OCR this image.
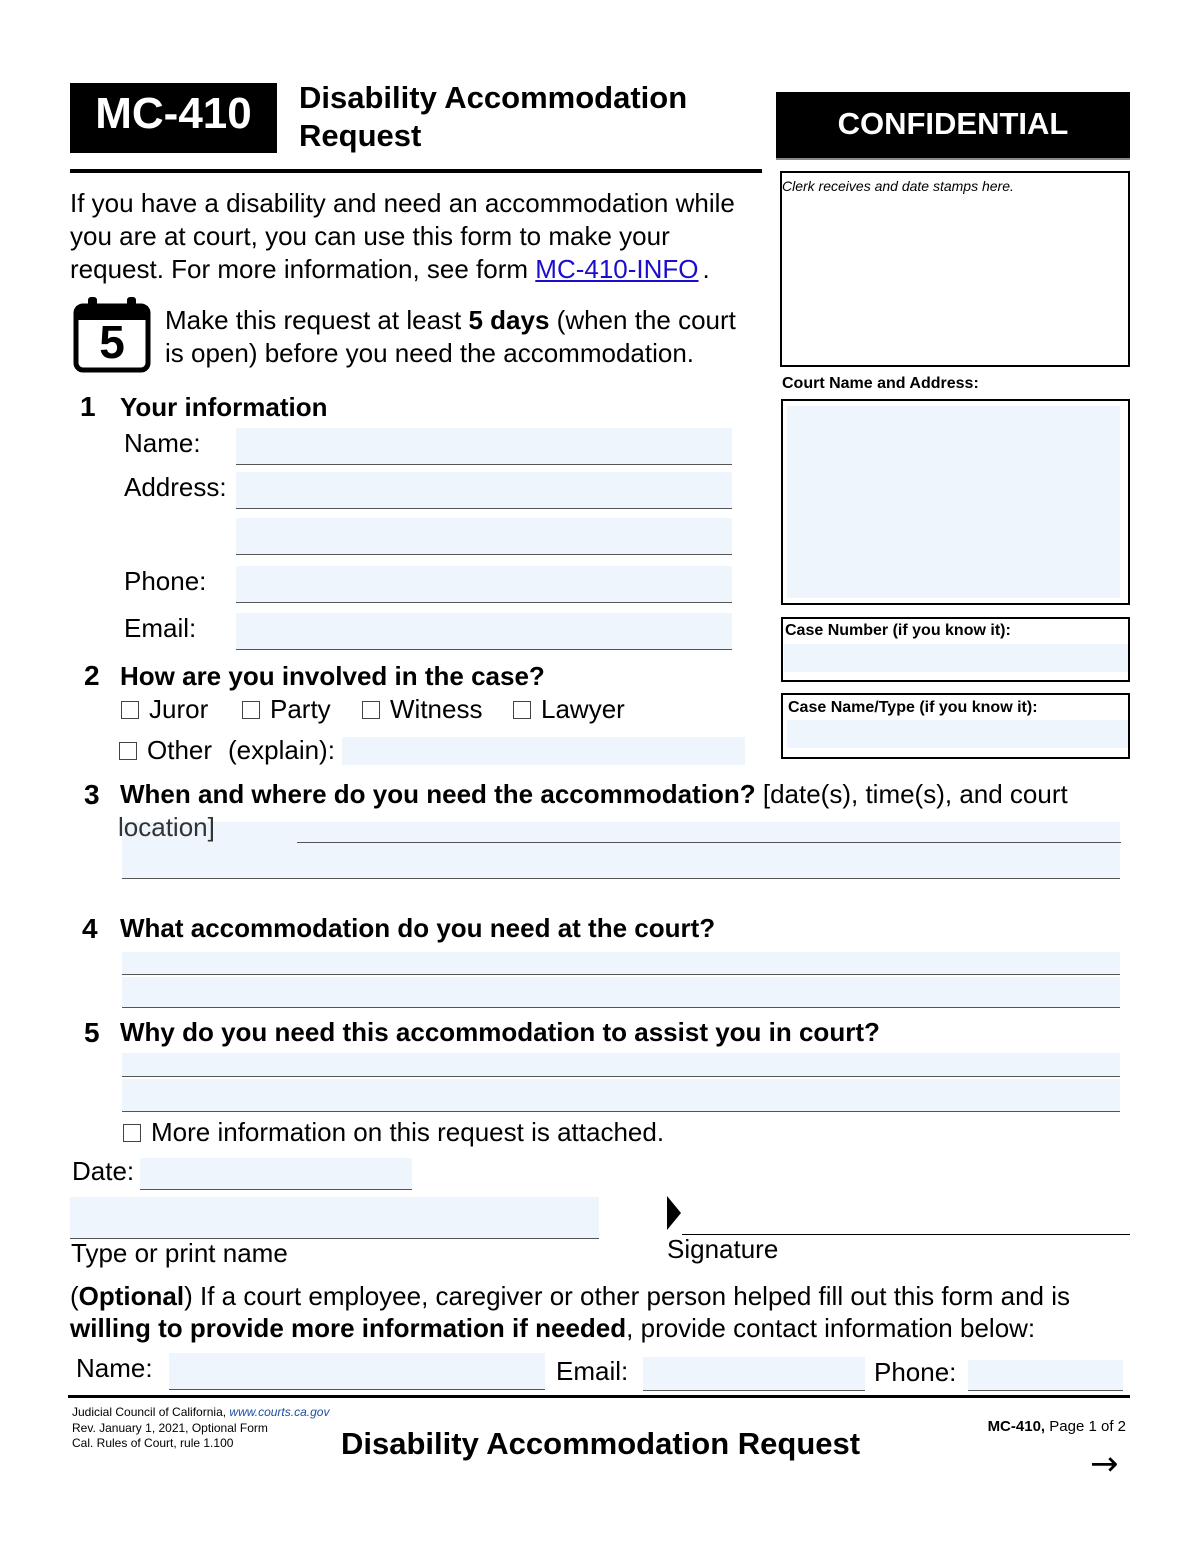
MC-410	Disability Accommodation
Request	CONFIDENTIAL
Clerk receives and date stamps here.
Court Name and Address:
Case Number (if you know it):
Case Name/Type (if you know it):
If you have a disability and need an accommodation while
you are at court, you can use this form to make your
request. For more information, see form MC-410-INFO .
5	Make this request at least 5 days (when the court
is open) before you need the accommodation.
1 Your information
Name:
Address:
Phone:
Email:
2 How are you involved in the case?
Juror Party Witness Lawyer
Other (explain):
3 When and where do you need the accommodation? [date(s), time(s), and court
location]
4 What accommodation do you need at the court?
5 Why do you need this accommodation to assist you in court?
More information on this request is attached.
Date:
Type or print name	Signature
(Optional) If a court employee, caregiver or other person helped fill out this form and is
willing to provide more information if needed, provide contact information below:
Name:	Email:	Phone:
Judicial Council of California, www.courts.ca.gov
Rev. January 1, 2021, Optional Form
Cal. Rules of Court, rule 1.100	Disability Accommodation Request	MC-410, Page 1 of 2
→
